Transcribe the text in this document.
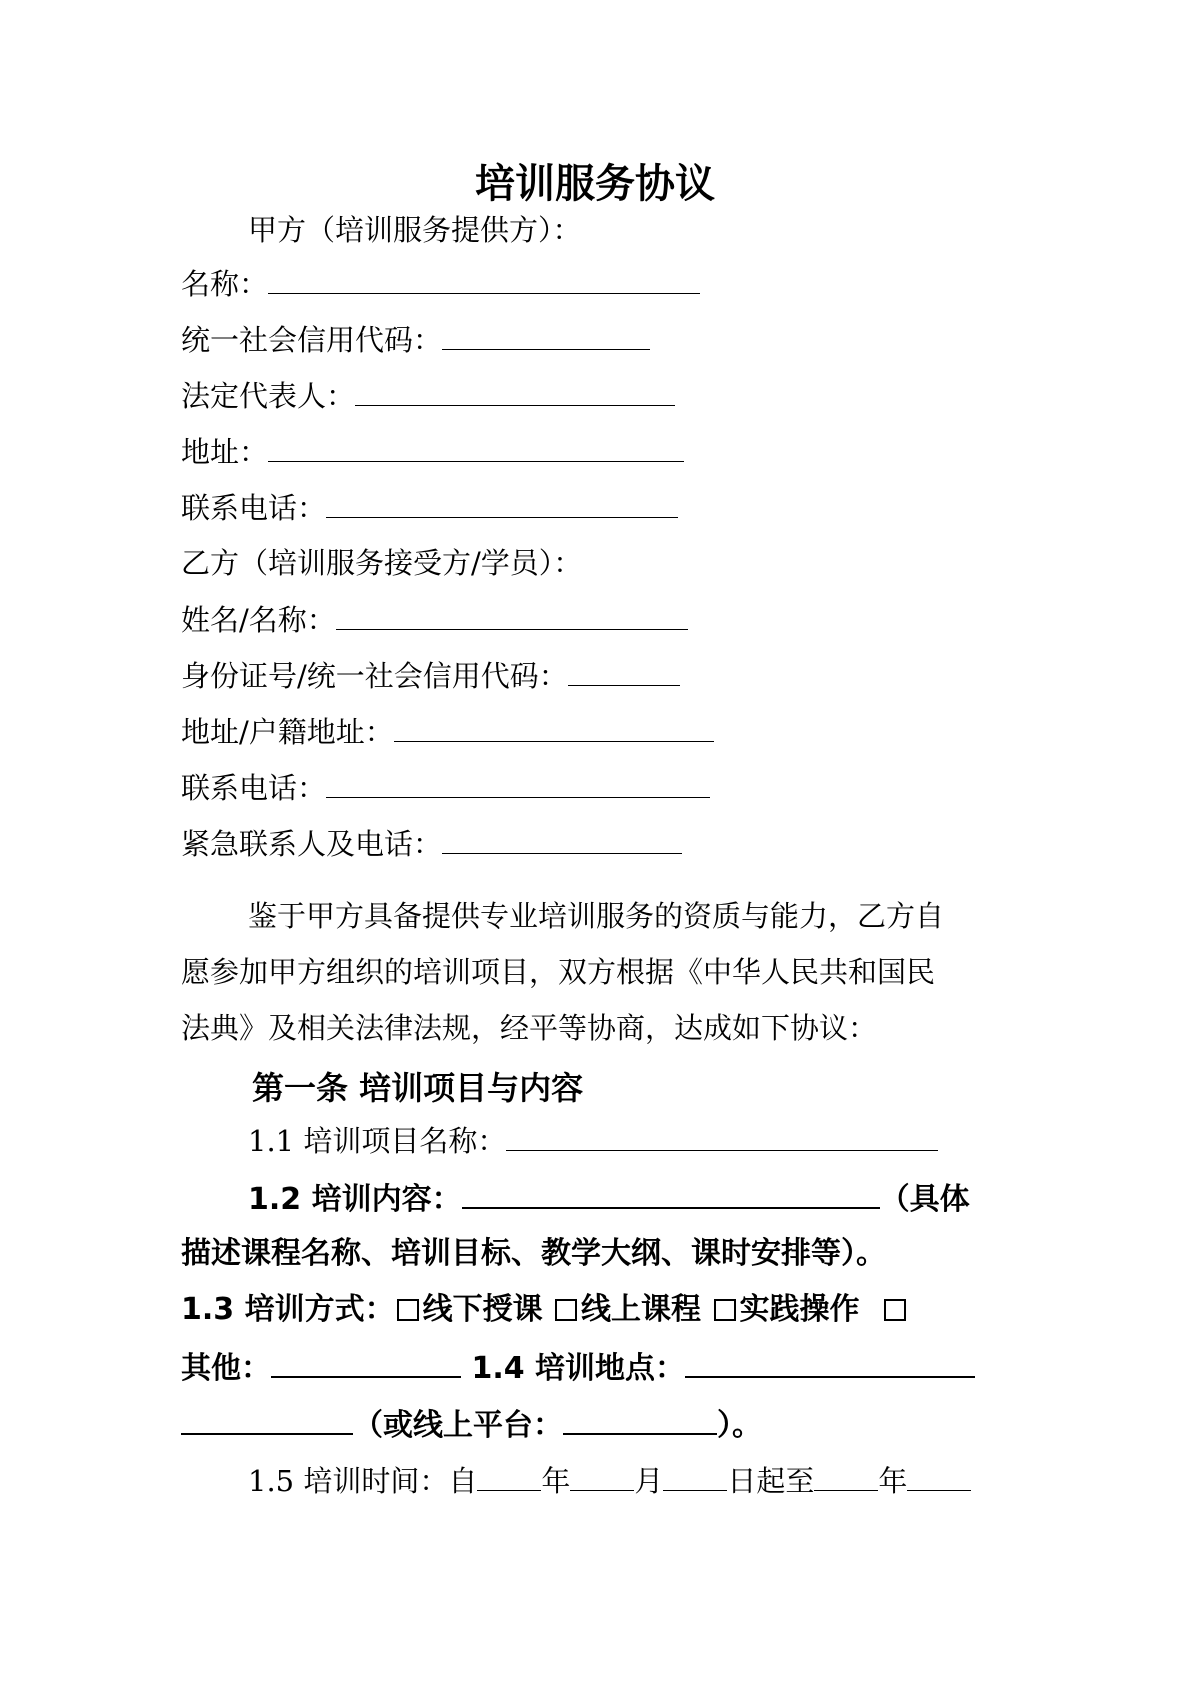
培训服务协议
甲方（培训服务提供方）：
名称：
统一社会信用代码：
法定代表人：
地址：
联系电话：
乙方（培训服务接受方/学员）：
姓名/名称：
身份证号/统一社会信用代码：
地址/户籍地址：
联系电话：
紧急联系人及电话：
鉴于甲方具备提供专业培训服务的资质与能力，乙方自
愿参加甲方组织的培训项目，双方根据《中华人民共和国民
法典》及相关法律法规，经平等协商，达成如下协议：
第一条 培训项目与内容
1.1 培训项目名称：
1.2 培训内容：	（具体
描述课程名称、培训目标、教学大纲、课时安排等）。
1.3 培训方式： 线下授课 线上课程 实践操作
其他：	1.4 培训地点：
（或线上平台：	）。
1.5 培训时间：自 年 月 日起至 年
